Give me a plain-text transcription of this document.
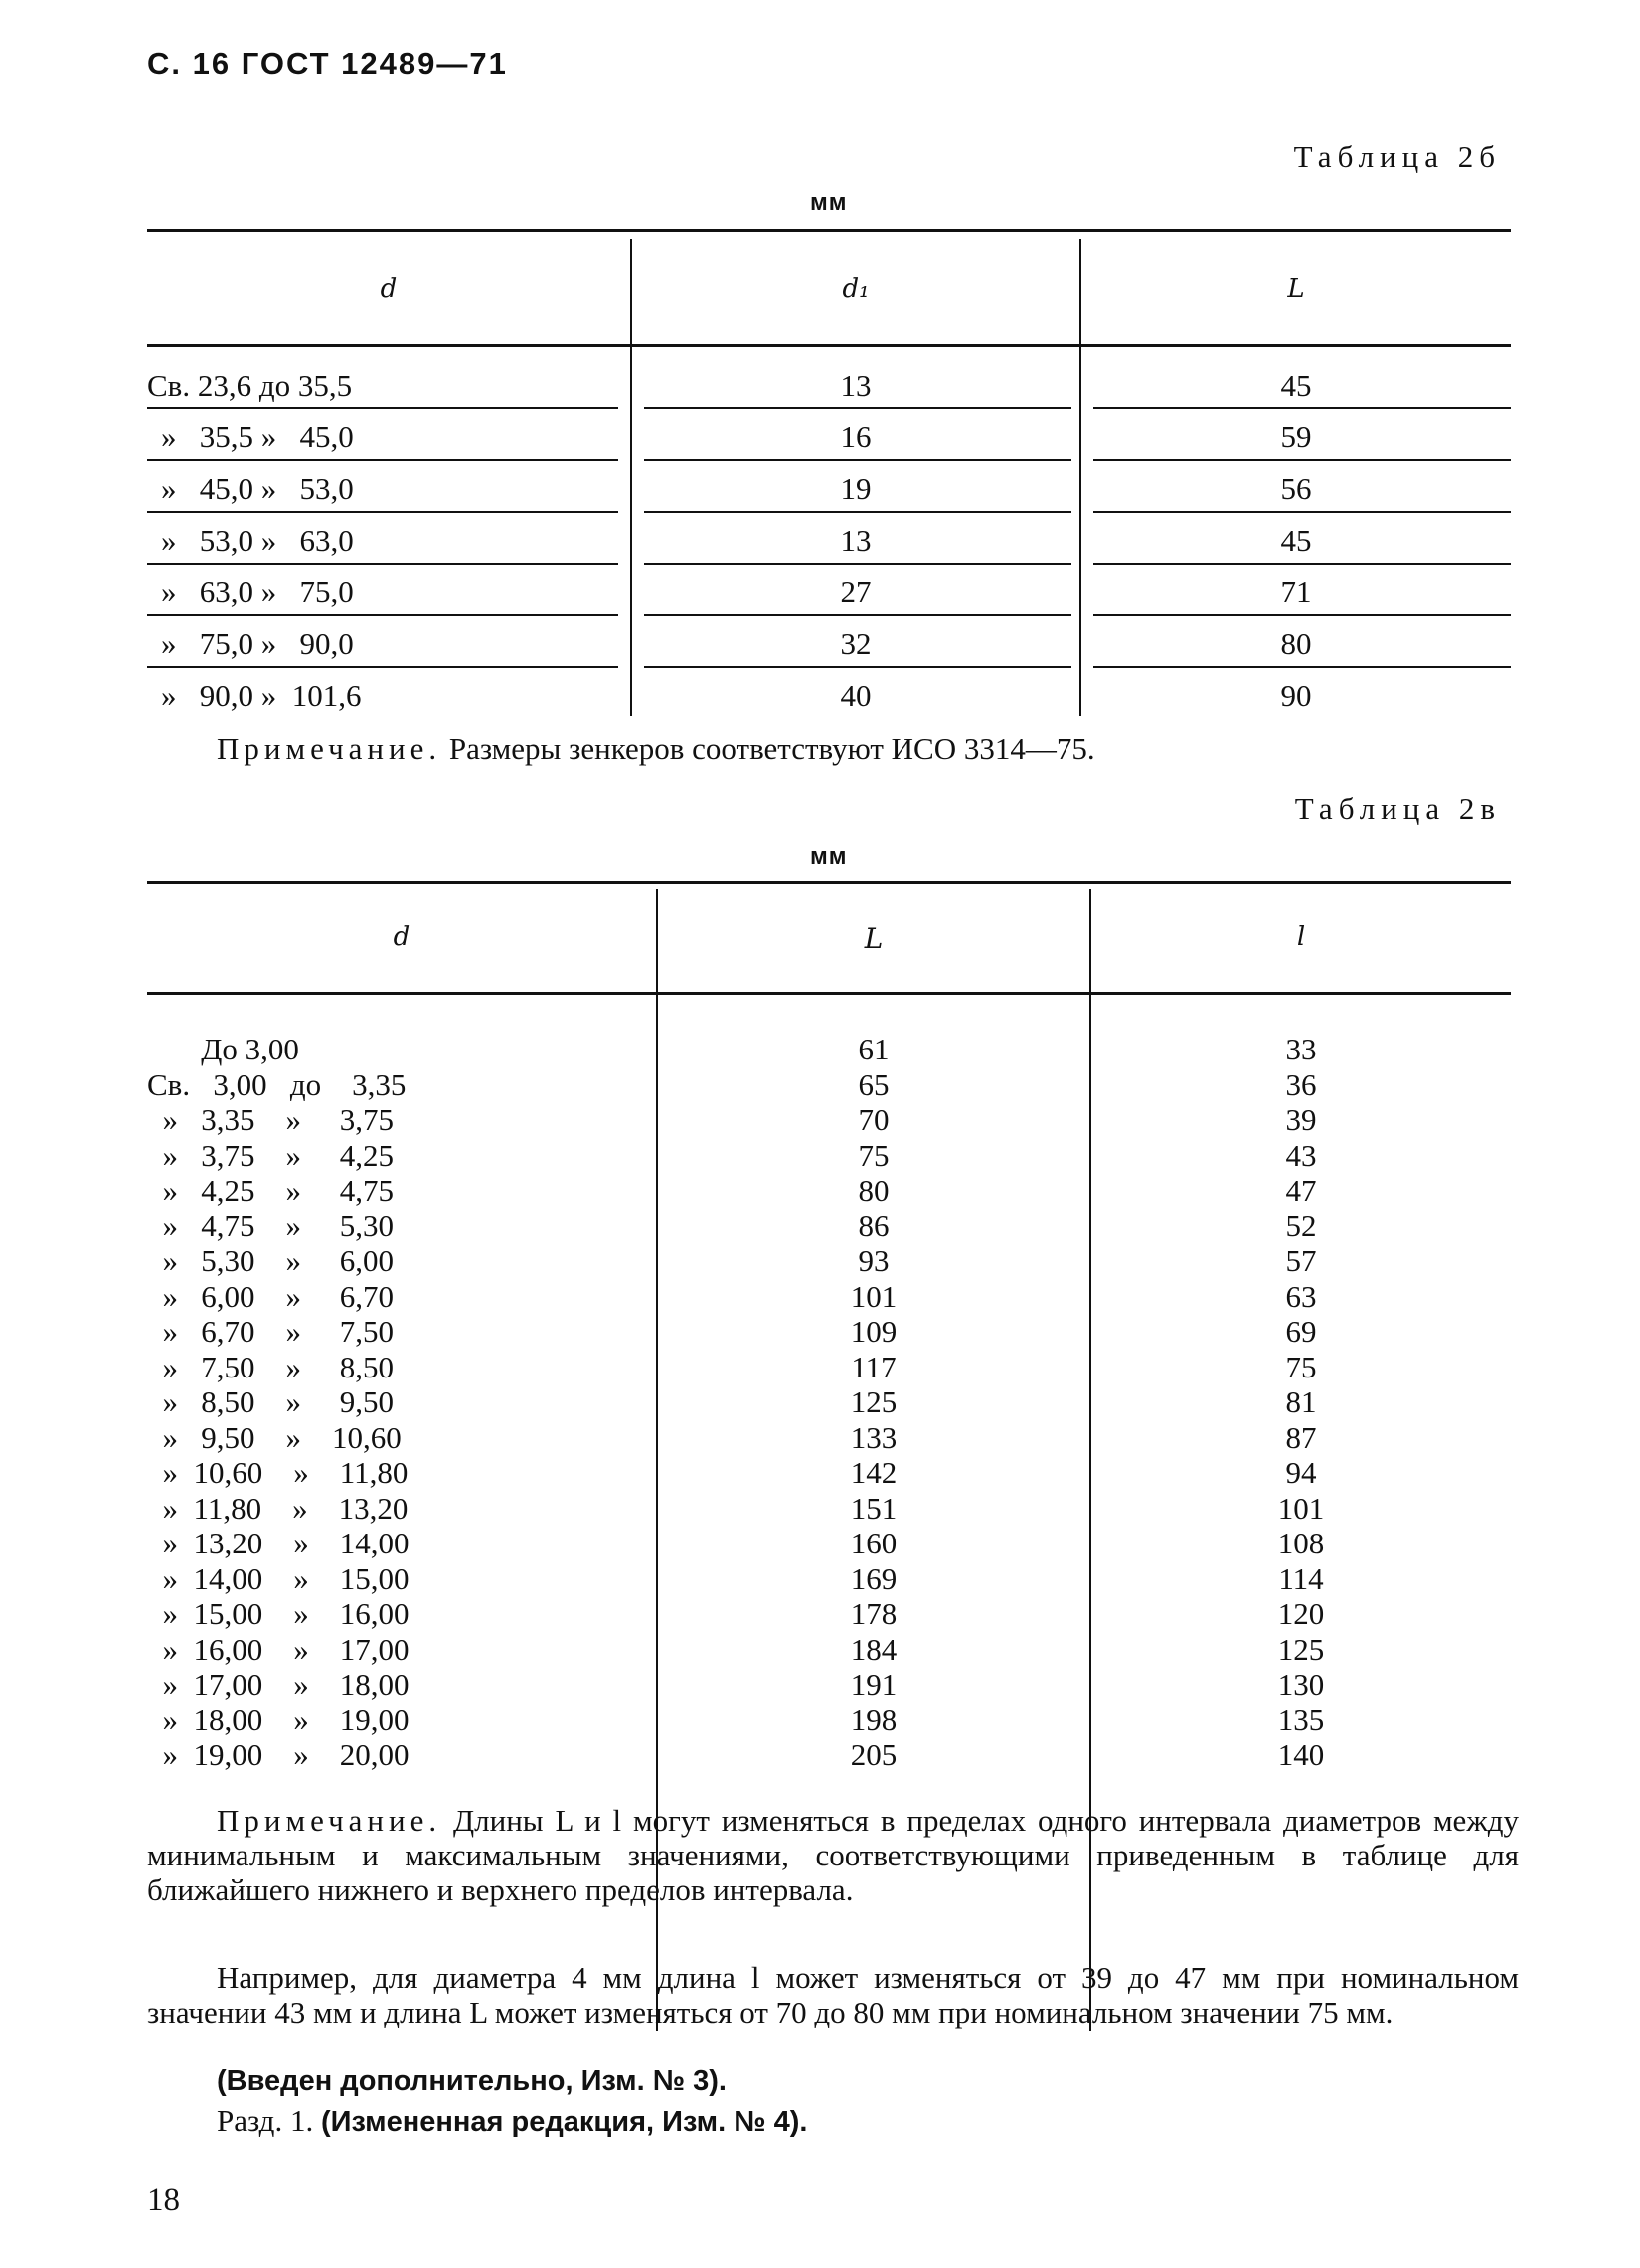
С. 16 ГОСТ 12489—71
Таблица 2б
мм
d	d₁	L
Св. 23,6 до 35,5	13	45
»   35,5 »   45,0	16	59
»   45,0 »   53,0	19	56
»   53,0 »   63,0	13	45
»   63,0 »   75,0	27	71
»   75,0 »   90,0	32	80
»   90,0 »  101,6	40	90
Примечание. Размеры зенкеров соответствуют ИСО 3314—75.
Таблица 2в
мм
d	L	l
До 3,00	61	33
Св.   3,00   до    3,35	65	36
»   3,35    »     3,75	70	39
»   3,75    »     4,25	75	43
»   4,25    »     4,75	80	47
»   4,75    »     5,30	86	52
»   5,30    »     6,00	93	57
»   6,00    »     6,70	101	63
»   6,70    »     7,50	109	69
»   7,50    »     8,50	117	75
»   8,50    »     9,50	125	81
»   9,50    »    10,60	133	87
»  10,60    »    11,80	142	94
»  11,80    »    13,20	151	101
»  13,20    »    14,00	160	108
»  14,00    »    15,00	169	114
»  15,00    »    16,00	178	120
»  16,00    »    17,00	184	125
»  17,00    »    18,00	191	130
»  18,00    »    19,00	198	135
»  19,00    »    20,00	205	140
Примечание. Длины L и l могут изменяться в пределах одного интервала диаметров между минимальным и максимальным значениями, соответствующими приведенным в таблице для ближайшего нижнего и верхнего пределов интервала.
Например, для диаметра 4 мм длина l может изменяться от 39 до 47 мм при номинальном значении 43 мм и длина L может изменяться от 70 до 80 мм при номинальном значении 75 мм.
(Введен дополнительно, Изм. № 3).
Разд. 1. (Измененная редакция, Изм. № 4).
18
